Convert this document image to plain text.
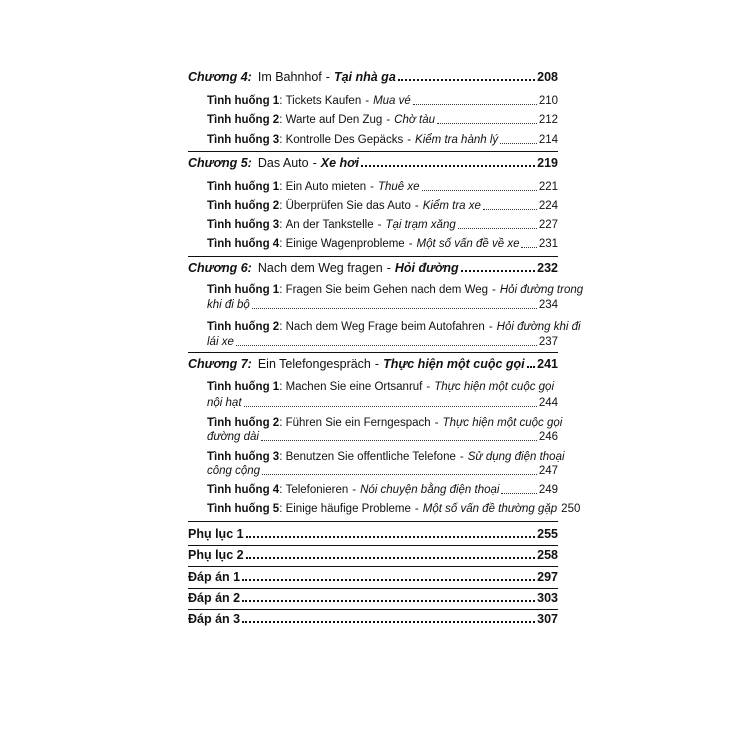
Chương 4: Im Bahnhof - Tại nhà ga	208
Tình huống 1 : Tickets Kaufen - Mua vé	210
Tình huống 2 : Warte auf Den Zug - Chờ tàu	212
Tình huống 3 : Kontrolle Des Gepäcks - Kiểm tra hành lý	214
Chương 5: Das Auto - Xe hơi	219
Tình huống 1 : Ein Auto mieten - Thuê xe	221
Tình huống 2 : Überprüfen Sie das Auto - Kiểm tra xe	224
Tình huống 3 : An der Tankstelle - Tại trạm xăng	227
Tình huống 4 : Einige Wagenprobleme - Một số vấn đề về xe 231
Chương 6: Nach dem Weg fragen - Hỏi đường	232
Tình huống 1: Fragen Sie beim Gehen nach dem Weg - Hỏi đường trong
khi đi bộ	234
Tình huống 2: Nach dem Weg Frage beim Autofahren - Hỏi đường khi đi
lái xe	237
Chương 7: Ein Telefongespräch - Thực hiện một cuộc gọi 241
Tình huống 1: Machen Sie eine Ortsanruf - Thực hiện một cuộc gọi
nội hạt	244
Tình huống 2: Führen Sie ein Ferngespach - Thực hiện một cuộc gọi
đường dài	246
Tình huống 3: Benutzen Sie offentliche Telefone - Sử dụng điện thoại
công cộng	247
Tình huống 4 : Telefonieren - Nói chuyện bằng điện thoại	249
Tình huống 5 : Einige häufige Probleme - Một số vấn đề thường gặp 250
Phụ lục 1	255
Phụ lục 2	258
Đáp án 1	297
Đáp án 2	303
Đáp án 3	307
